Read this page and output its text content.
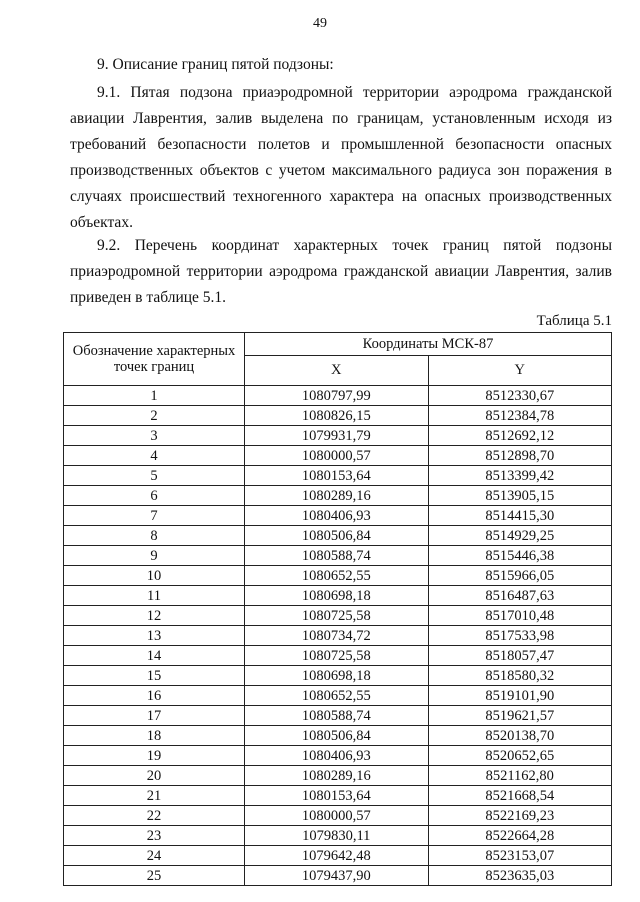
49

9. Описание границ пятой подзоны:

9.1. Пятая подзона приаэродромной территории аэродрома гражданской авиации Лаврентия, залив выделена по границам, установленным исходя из требований безопасности полетов и промышленной безопасности опасных производственных объектов с учетом максимального радиуса зон поражения в случаях происшествий техногенного характера на опасных производственных объектах.

9.2. Перечень координат характерных точек границ пятой подзоны приаэродромной территории аэродрома гражданской авиации Лаврентия, залив приведен в таблице 5.1.

Таблица 5.1
Обозначение характерных точек границ	Координаты МСК-87	
	X	Y
1	1080797,99	8512330,67
2	1080826,15	8512384,78
3	1079931,79	8512692,12
4	1080000,57	8512898,70
5	1080153,64	8513399,42
6	1080289,16	8513905,15
7	1080406,93	8514415,30
8	1080506,84	8514929,25
9	1080588,74	8515446,38
10	1080652,55	8515966,05
11	1080698,18	8516487,63
12	1080725,58	8517010,48
13	1080734,72	8517533,98
14	1080725,58	8518057,47
15	1080698,18	8518580,32
16	1080652,55	8519101,90
17	1080588,74	8519621,57
18	1080506,84	8520138,70
19	1080406,93	8520652,65
20	1080289,16	8521162,80
21	1080153,64	8521668,54
22	1080000,57	8522169,23
23	1079830,11	8522664,28
24	1079642,48	8523153,07
25	1079437,90	8523635,03
